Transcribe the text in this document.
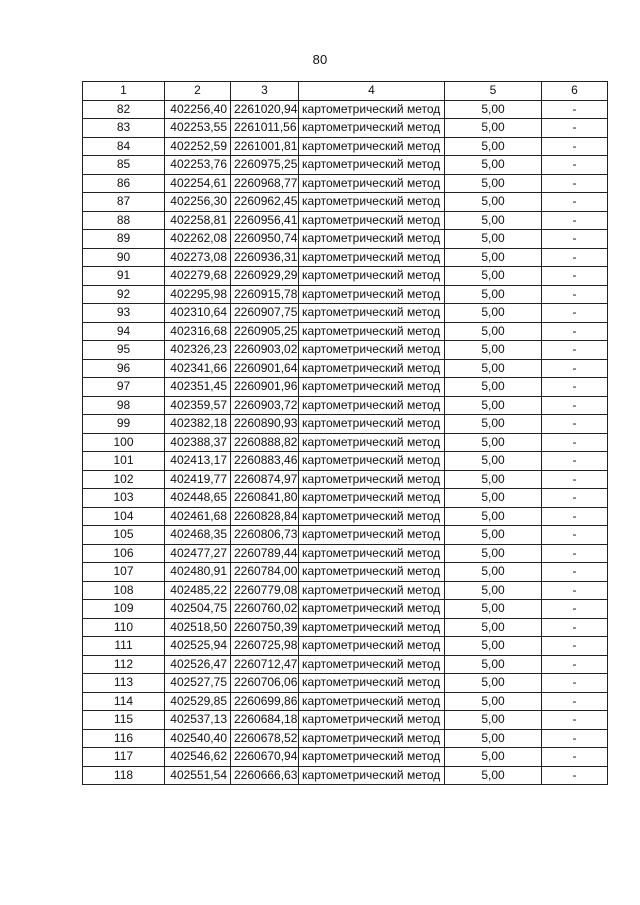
80
1	2	3	4	5	6
82	402256,40	2261020,94	картометрический метод	5,00	-
83	402253,55	2261011,56	картометрический метод	5,00	-
84	402252,59	2261001,81	картометрический метод	5,00	-
85	402253,76	2260975,25	картометрический метод	5,00	-
86	402254,61	2260968,77	картометрический метод	5,00	-
87	402256,30	2260962,45	картометрический метод	5,00	-
88	402258,81	2260956,41	картометрический метод	5,00	-
89	402262,08	2260950,74	картометрический метод	5,00	-
90	402273,08	2260936,31	картометрический метод	5,00	-
91	402279,68	2260929,29	картометрический метод	5,00	-
92	402295,98	2260915,78	картометрический метод	5,00	-
93	402310,64	2260907,75	картометрический метод	5,00	-
94	402316,68	2260905,25	картометрический метод	5,00	-
95	402326,23	2260903,02	картометрический метод	5,00	-
96	402341,66	2260901,64	картометрический метод	5,00	-
97	402351,45	2260901,96	картометрический метод	5,00	-
98	402359,57	2260903,72	картометрический метод	5,00	-
99	402382,18	2260890,93	картометрический метод	5,00	-
100	402388,37	2260888,82	картометрический метод	5,00	-
101	402413,17	2260883,46	картометрический метод	5,00	-
102	402419,77	2260874,97	картометрический метод	5,00	-
103	402448,65	2260841,80	картометрический метод	5,00	-
104	402461,68	2260828,84	картометрический метод	5,00	-
105	402468,35	2260806,73	картометрический метод	5,00	-
106	402477,27	2260789,44	картометрический метод	5,00	-
107	402480,91	2260784,00	картометрический метод	5,00	-
108	402485,22	2260779,08	картометрический метод	5,00	-
109	402504,75	2260760,02	картометрический метод	5,00	-
110	402518,50	2260750,39	картометрический метод	5,00	-
111	402525,94	2260725,98	картометрический метод	5,00	-
112	402526,47	2260712,47	картометрический метод	5,00	-
113	402527,75	2260706,06	картометрический метод	5,00	-
114	402529,85	2260699,86	картометрический метод	5,00	-
115	402537,13	2260684,18	картометрический метод	5,00	-
116	402540,40	2260678,52	картометрический метод	5,00	-
117	402546,62	2260670,94	картометрический метод	5,00	-
118	402551,54	2260666,63	картометрический метод	5,00	-
